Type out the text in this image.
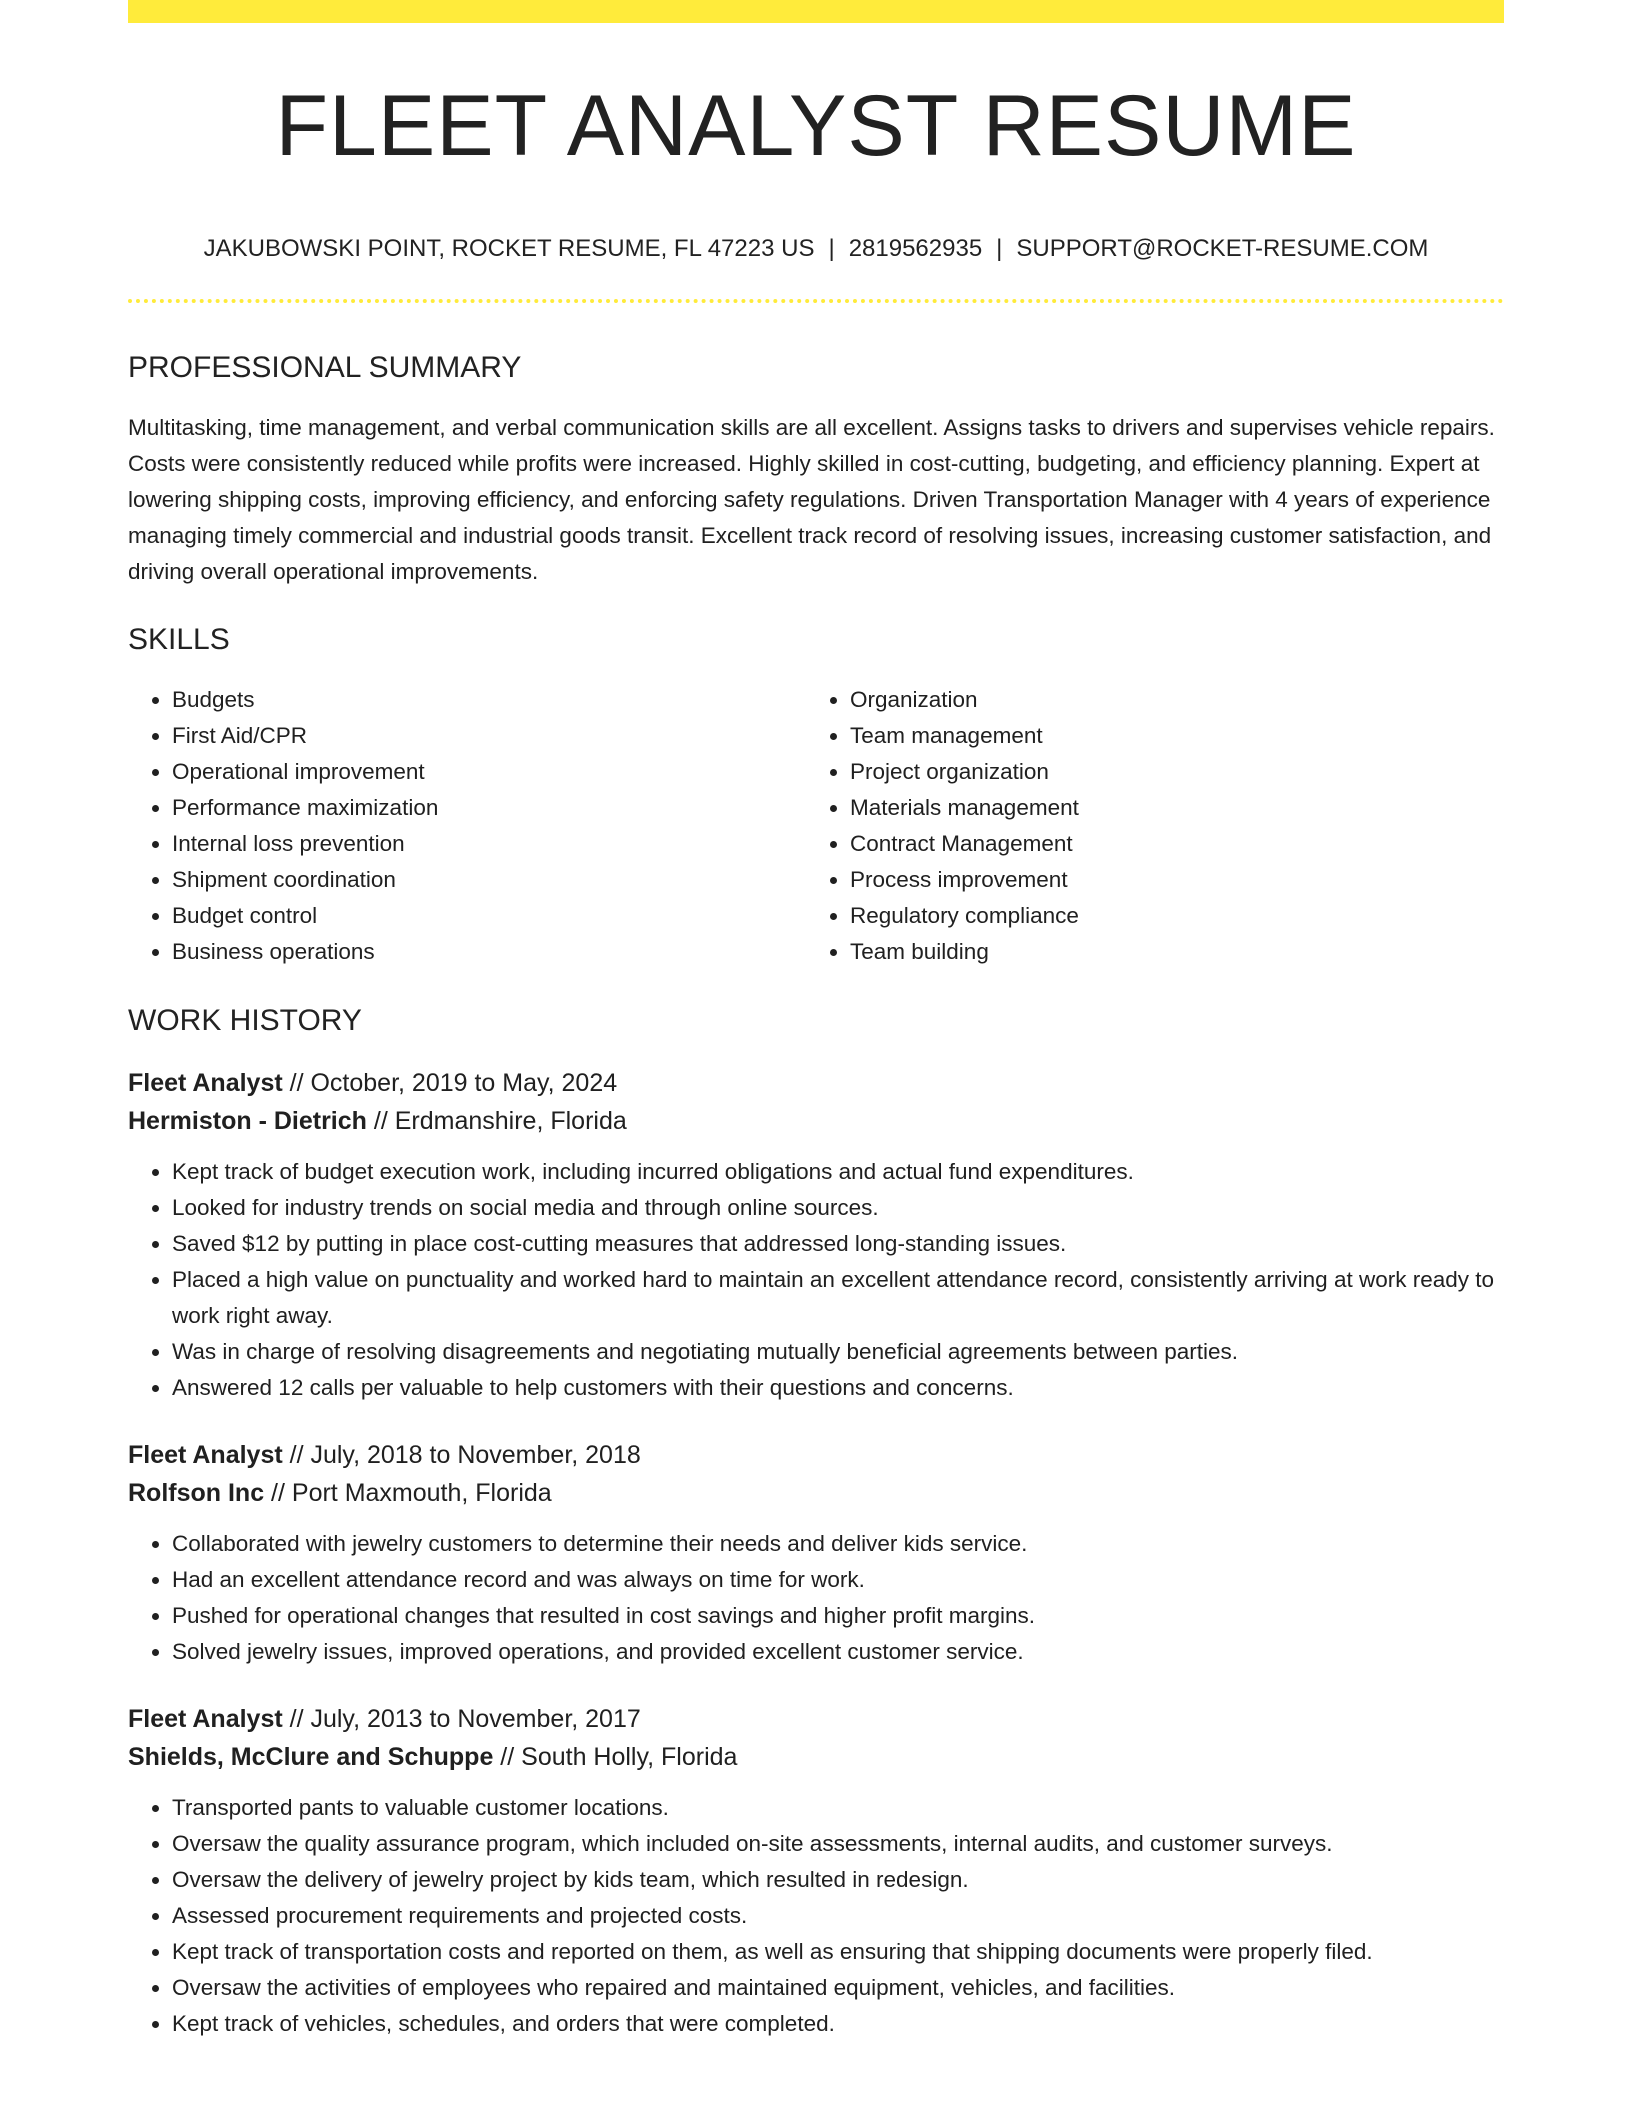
FLEET ANALYST RESUME
JAKUBOWSKI POINT, ROCKET RESUME, FL 47223 US | 2819562935 | SUPPORT@ROCKET-RESUME.COM
PROFESSIONAL SUMMARY

Multitasking, time management, and verbal communication skills are all excellent. Assigns tasks to drivers and supervises vehicle repairs. Costs were consistently reduced while profits were increased. Highly skilled in cost-cutting, budgeting, and efficiency planning. Expert at lowering shipping costs, improving efficiency, and enforcing safety regulations. Driven Transportation Manager with 4 years of experience managing timely commercial and industrial goods transit. Excellent track record of resolving issues, increasing customer satisfaction, and driving overall operational improvements.

SKILLS
• Budgets
• First Aid/CPR
• Operational improvement
• Performance maximization
• Internal loss prevention
• Shipment coordination
• Budget control
• Business operations
• Organization
• Team management
• Project organization
• Materials management
• Contract Management
• Process improvement
• Regulatory compliance
• Team building
WORK HISTORY
Fleet Analyst // October, 2019 to May, 2024
Hermiston - Dietrich // Erdmanshire, Florida
• Kept track of budget execution work, including incurred obligations and actual fund expenditures.
• Looked for industry trends on social media and through online sources.
• Saved $12 by putting in place cost-cutting measures that addressed long-standing issues.
• Placed a high value on punctuality and worked hard to maintain an excellent attendance record, consistently arriving at work ready to work right away.
• Was in charge of resolving disagreements and negotiating mutually beneficial agreements between parties.
• Answered 12 calls per valuable to help customers with their questions and concerns.
Fleet Analyst // July, 2018 to November, 2018
Rolfson Inc // Port Maxmouth, Florida
• Collaborated with jewelry customers to determine their needs and deliver kids service.
• Had an excellent attendance record and was always on time for work.
• Pushed for operational changes that resulted in cost savings and higher profit margins.
• Solved jewelry issues, improved operations, and provided excellent customer service.
Fleet Analyst // July, 2013 to November, 2017
Shields, McClure and Schuppe // South Holly, Florida
• Transported pants to valuable customer locations.
• Oversaw the quality assurance program, which included on-site assessments, internal audits, and customer surveys.
• Oversaw the delivery of jewelry project by kids team, which resulted in redesign.
• Assessed procurement requirements and projected costs.
• Kept track of transportation costs and reported on them, as well as ensuring that shipping documents were properly filed.
• Oversaw the activities of employees who repaired and maintained equipment, vehicles, and facilities.
• Kept track of vehicles, schedules, and orders that were completed.
